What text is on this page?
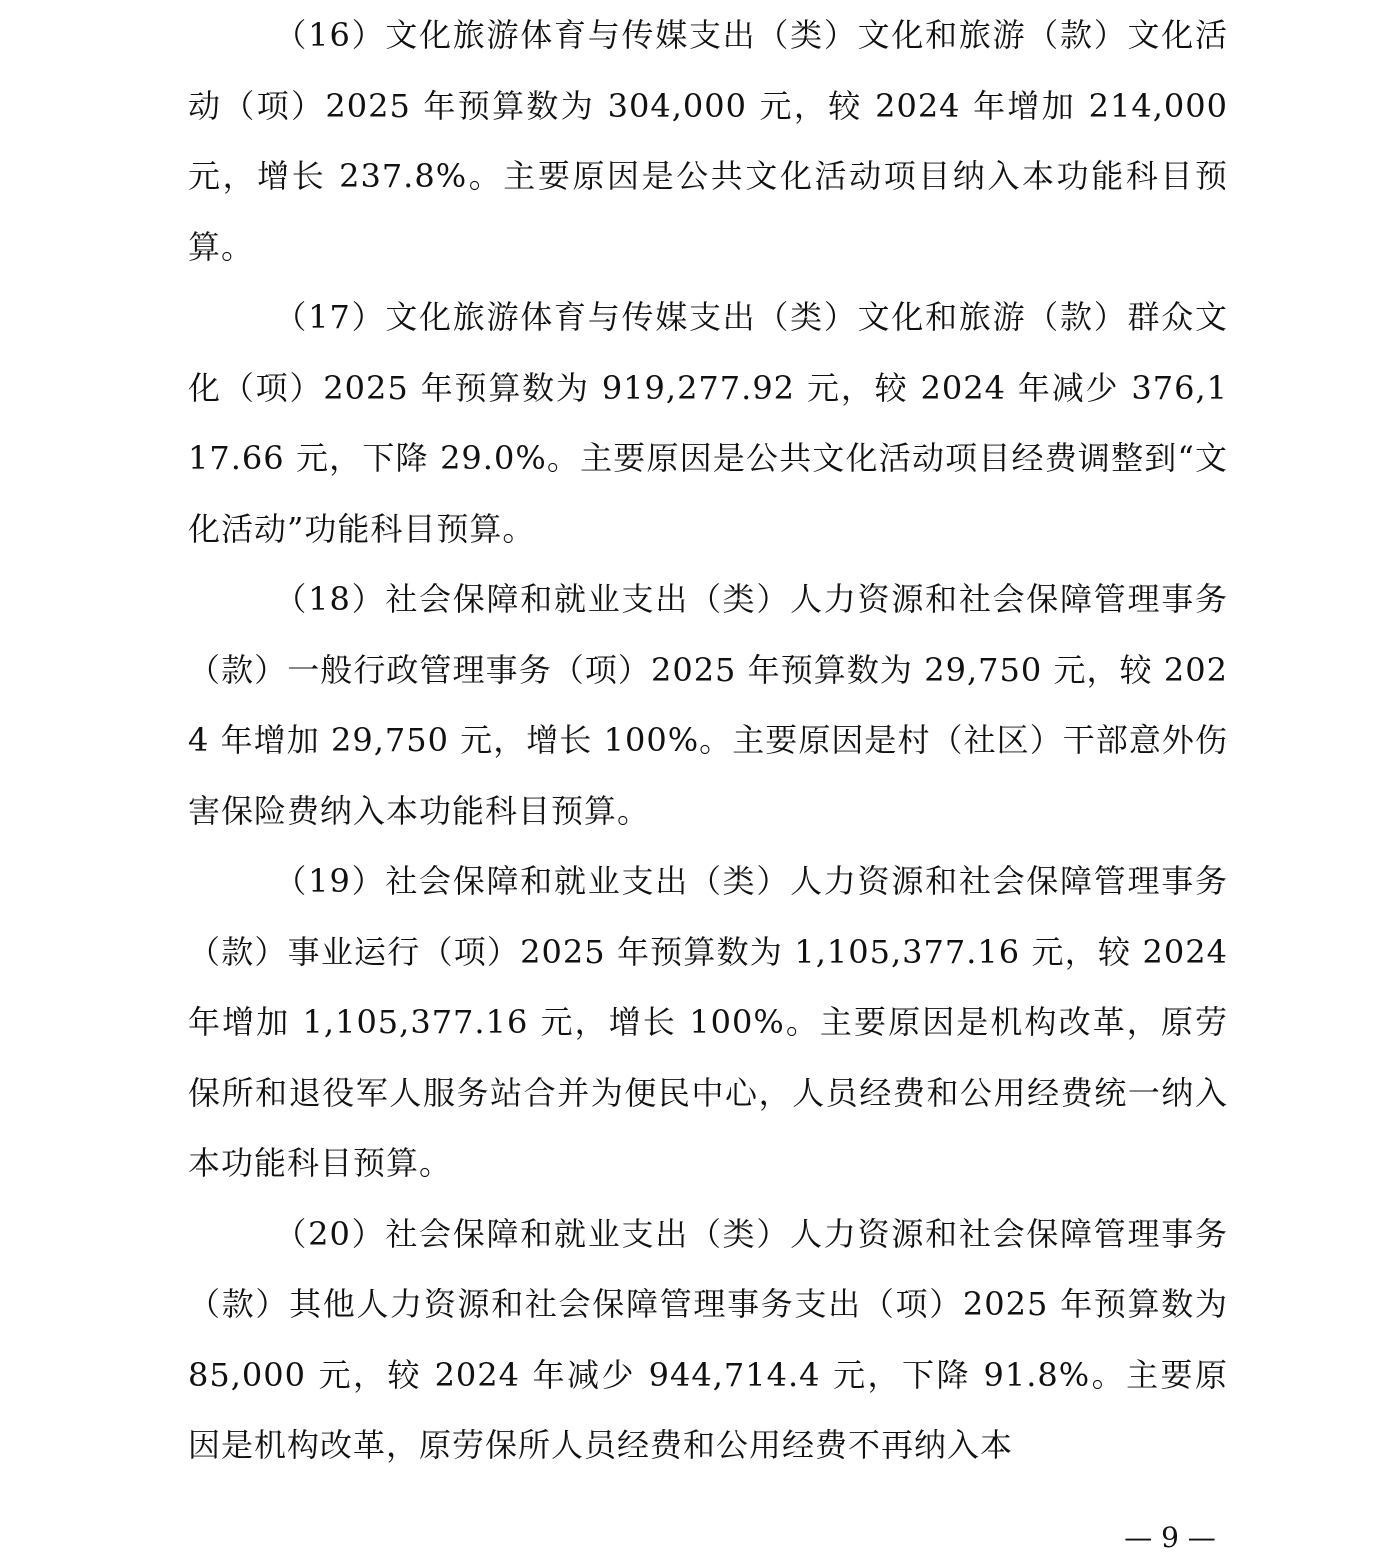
（16）文化旅游体育与传媒支出（类）文化和旅游（款）文化活动（项）2025 年预算数为 304,000 元，较 2024 年增加 214,000 元，增长 237.8%。主要原因是公共文化活动项目纳入本功能科目预算。

（17）文化旅游体育与传媒支出（类）文化和旅游（款）群众文化（项）2025 年预算数为 919,277.92 元，较 2024 年减少 376,117.66 元，下降 29.0%。主要原因是公共文化活动项目经费调整到“文化活动”功能科目预算。

（18）社会保障和就业支出（类）人力资源和社会保障管理事务（款）一般行政管理事务（项）2025 年预算数为 29,750 元，较 2024 年增加 29,750 元，增长 100%。主要原因是村（社区）干部意外伤害保险费纳入本功能科目预算。

（19）社会保障和就业支出（类）人力资源和社会保障管理事务（款）事业运行（项）2025 年预算数为 1,105,377.16 元，较 2024 年增加 1,105,377.16 元，增长 100%。主要原因是机构改革，原劳保所和退役军人服务站合并为便民中心，人员经费和公用经费统一纳入本功能科目预算。

（20）社会保障和就业支出（类）人力资源和社会保障管理事务（款）其他人力资源和社会保障管理事务支出（项）2025 年预算数为 85,000 元，较 2024 年减少 944,714.4 元，下降 91.8%。主要原因是机构改革，原劳保所人员经费和公用经费不再纳入本

— 9 —
